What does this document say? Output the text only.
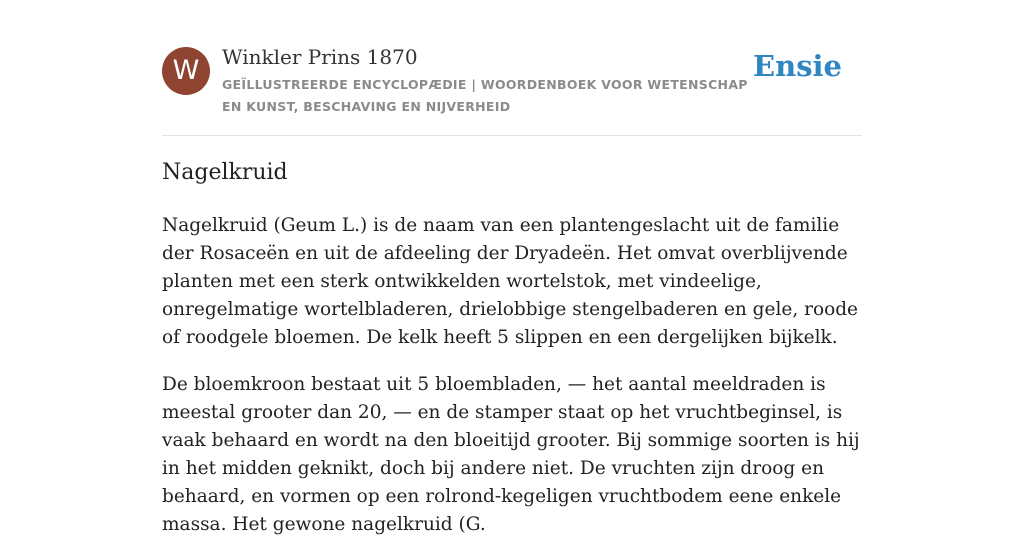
W	Winkler Prins 1870
GEÏLLUSTREERDE ENCYCLOPÆDIE | WOORDENBOEK VOOR WETENSCHAP EN KUNST, BESCHAVING EN NIJVERHEID
Ensie
Nagelkruid

Nagelkruid (Geum L.) is de naam van een plantengeslacht uit de familie der Rosaceën en uit de afdeeling der Dryadeën. Het omvat overblijvende planten met een sterk ontwikkelden wortelstok, met vindeelige, onregelmatige wortelbladeren, drielobbige stengelbaderen en gele, roode of roodgele bloemen. De kelk heeft 5 slippen en een dergelijken bijkelk.

De bloemkroon bestaat uit 5 bloembladen, — het aantal meeldraden is meestal grooter dan 20, — en de stamper staat op het vruchtbeginsel, is vaak behaard en wordt na den bloeitijd grooter. Bij sommige soorten is hij in het midden geknikt, doch bij andere niet. De vruchten zijn droog en behaard, en vormen op een rolrond-kegeligen vruchtbodem eene enkele massa. Het gewone nagelkruid (G.
